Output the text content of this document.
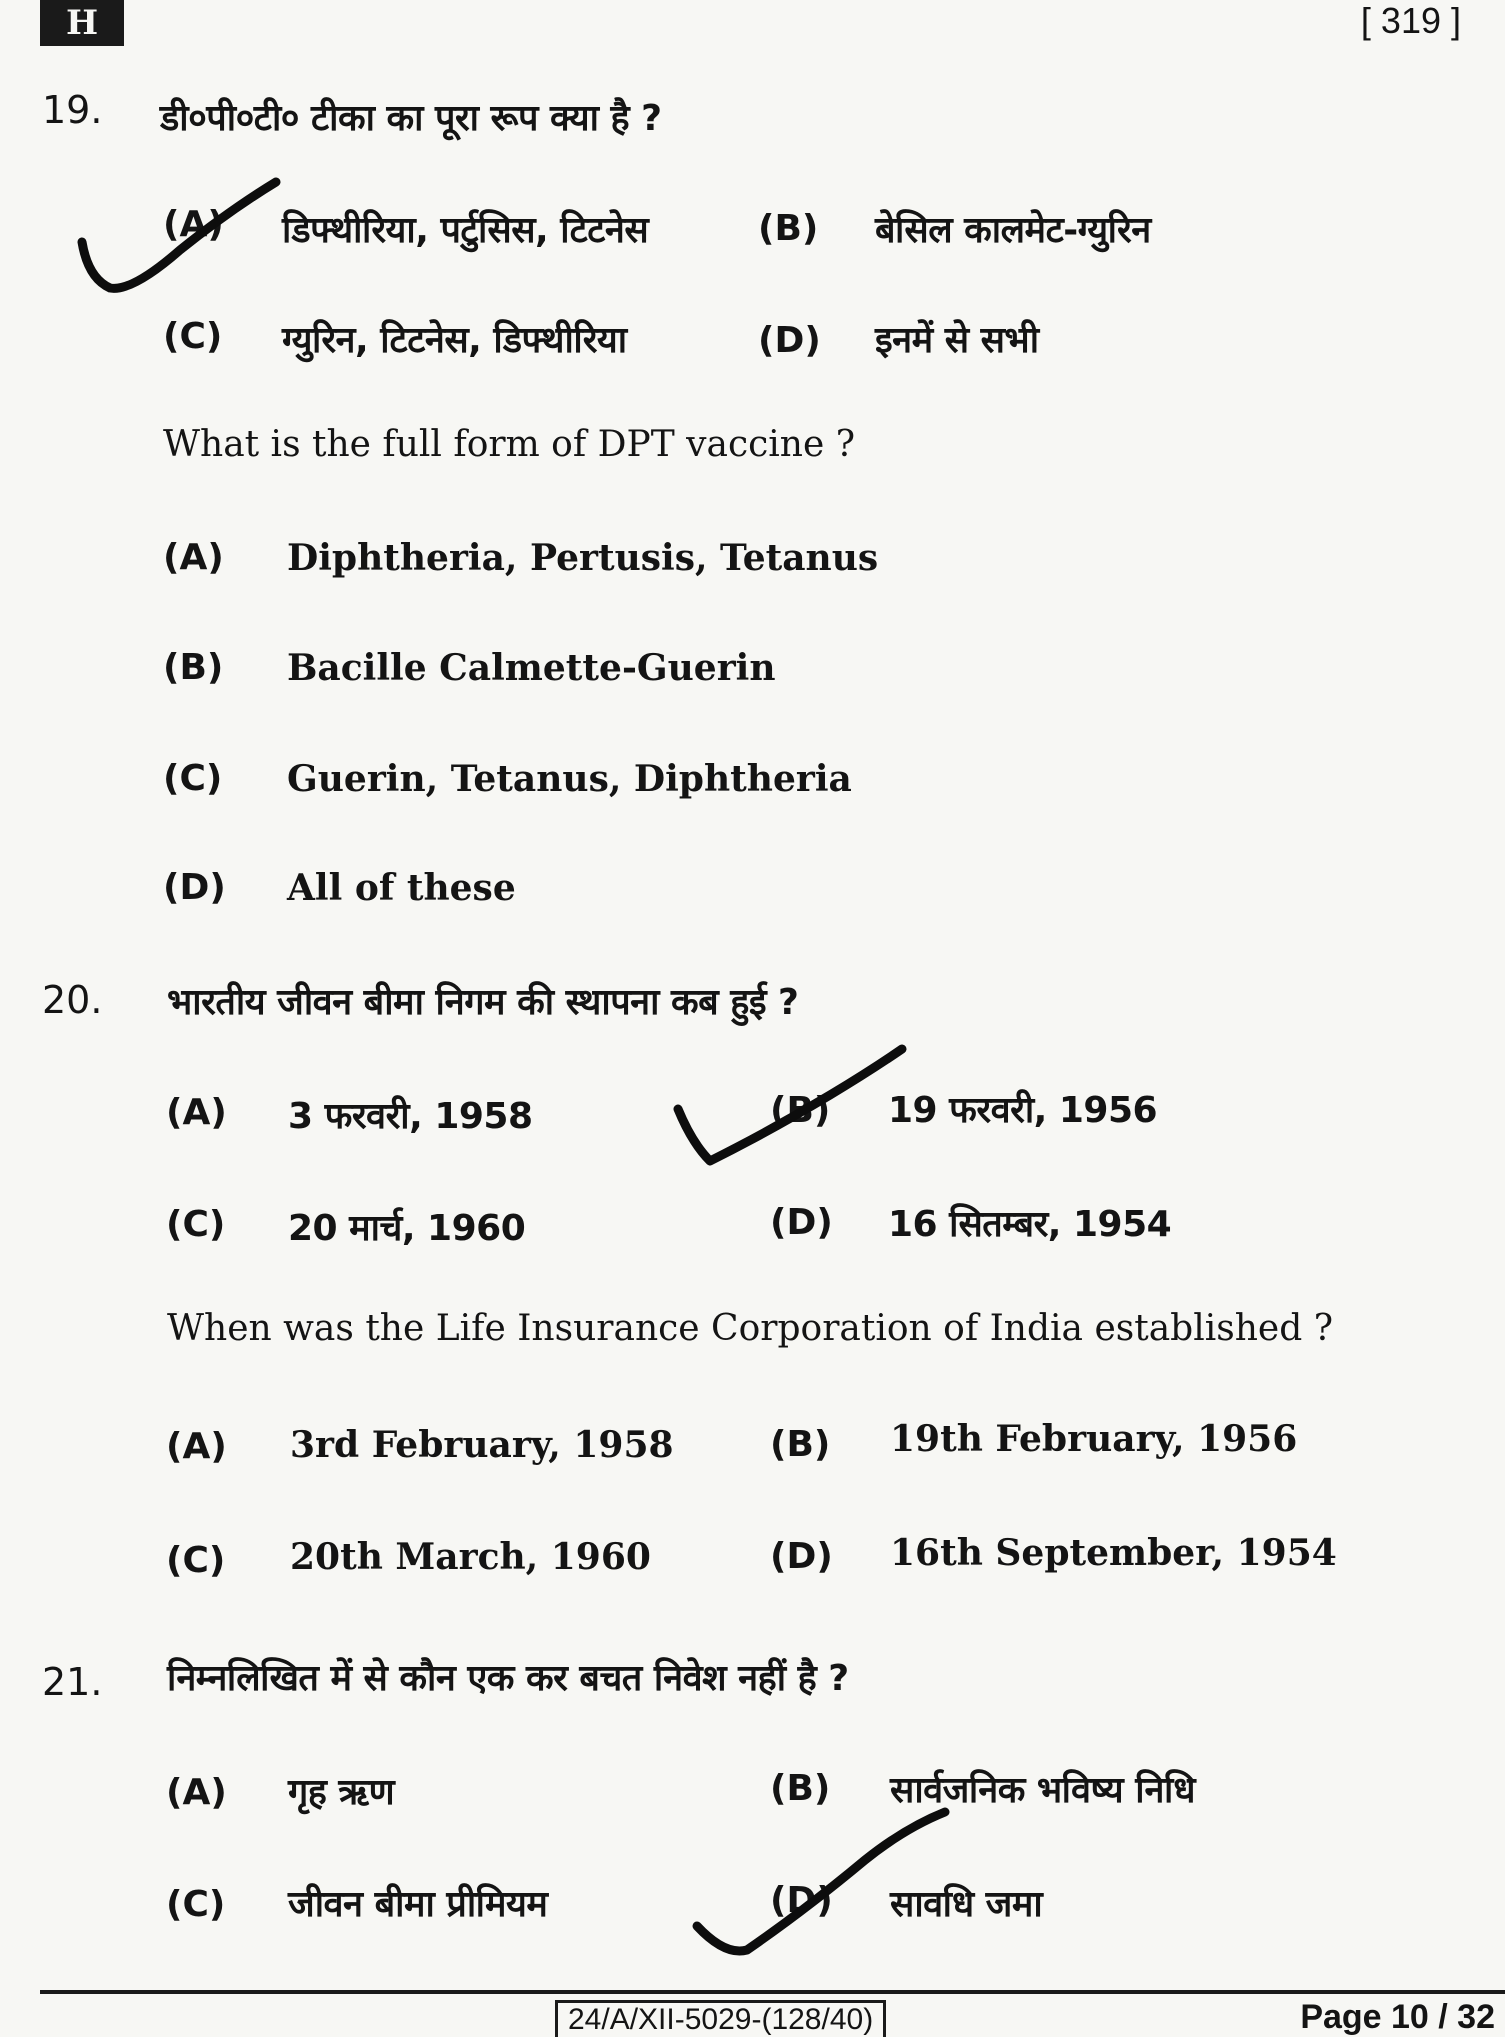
H	[ 319 ]
19. डी०पी०टी० टीका का पूरा रूप क्या है ?
(A) डिफ्थीरिया, पर्टुसिस, टिटनेस	(B) बेसिल कालमेट-ग्युरिन
(C) ग्युरिन, टिटनेस, डिफ्थीरिया	(D) इनमें से सभी
What is the full form of DPT vaccine ?
(A) Diphtheria, Pertusis, Tetanus
(B) Bacille Calmette-Guerin
(C) Guerin, Tetanus, Diphtheria
(D) All of these
20. भारतीय जीवन बीमा निगम की स्थापना कब हुई ?
(A) 3 फरवरी, 1958	(B) 19 फरवरी, 1956
(C) 20 मार्च, 1960	(D) 16 सितम्बर, 1954
When was the Life Insurance Corporation of India established ?
(A) 3rd February, 1958	(B) 19th February, 1956
(C) 20th March, 1960	(D) 16th September, 1954
21. निम्नलिखित में से कौन एक कर बचत निवेश नहीं है ?
(A) गृह ऋण	(B) सार्वजनिक भविष्य निधि
(C) जीवन बीमा प्रीमियम	(D) सावधि जमा
24/A/XII-5029-(128/40)	Page 10 / 32
